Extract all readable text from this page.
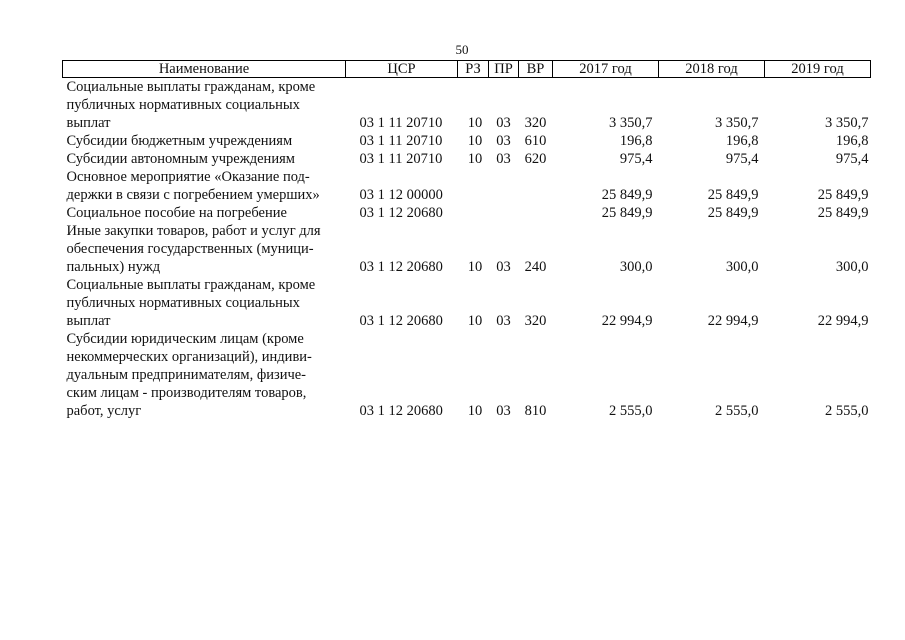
50
Наименование	ЦСР	РЗ	ПР	ВР	2017 год	2018 год	2019 год

Социальные выплаты гражданам, кроме
публичных нормативных социальных
выплат	03 1 11 20710	10	03	320	3 350,7	3 350,7	3 350,7

Субсидии бюджетным учреждениям	03 1 11 20710	10	03	610	196,8	196,8	196,8

Субсидии автономным учреждениям	03 1 11 20710	10	03	620	975,4	975,4	975,4

Основное мероприятие «Оказание под-
держки в связи с погребением умерших»	03 1 12 00000				25 849,9	25 849,9	25 849,9

Социальное пособие на погребение	03 1 12 20680				25 849,9	25 849,9	25 849,9

Иные закупки товаров, работ и услуг для
обеспечения государственных (муници-
пальных) нужд	03 1 12 20680	10	03	240	300,0	300,0	300,0

Социальные выплаты гражданам, кроме
публичных нормативных социальных
выплат	03 1 12 20680	10	03	320	22 994,9	22 994,9	22 994,9

Субсидии юридическим лицам (кроме
некоммерческих организаций), индиви-
дуальным предпринимателям, физиче-
ским лицам - производителям товаров,
работ, услуг	03 1 12 20680	10	03	810	2 555,0	2 555,0	2 555,0
